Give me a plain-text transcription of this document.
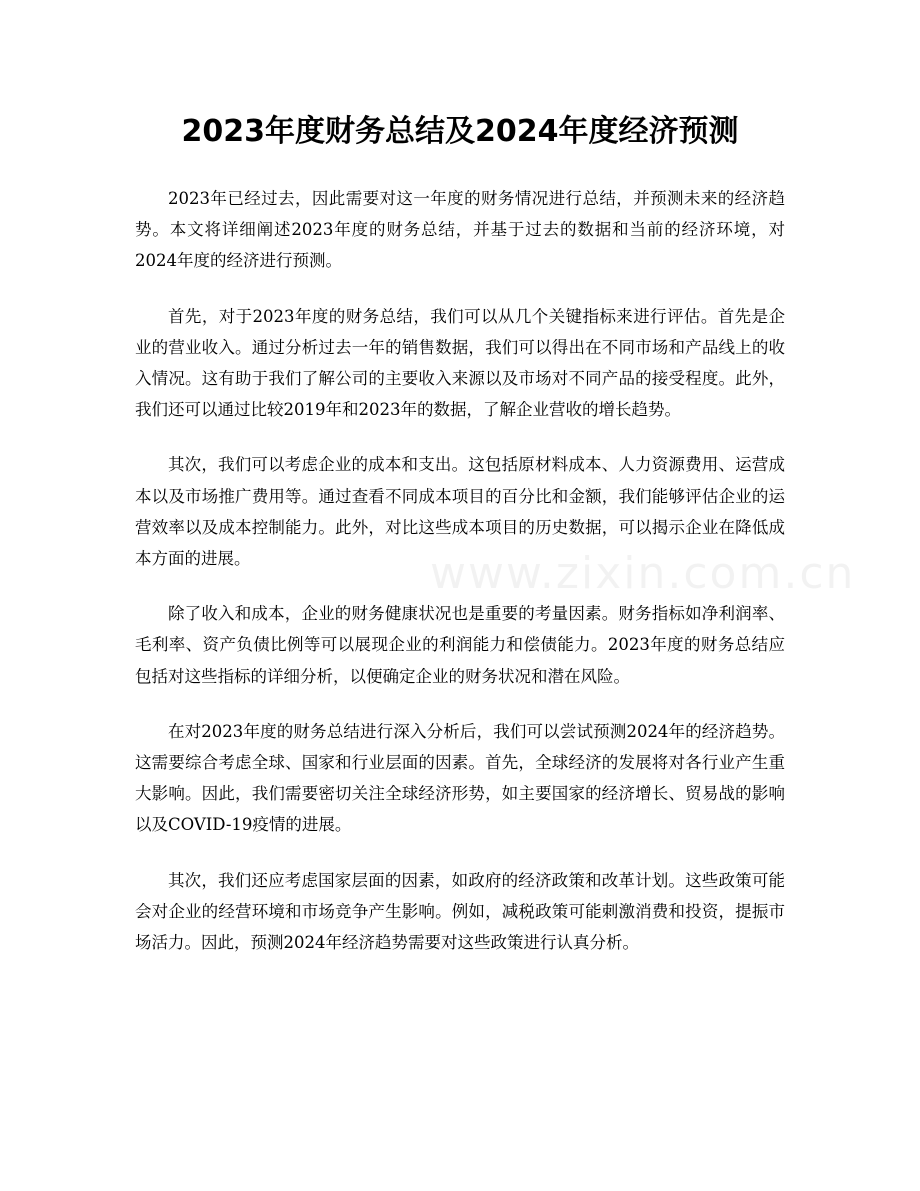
2023年度财务总结及2024年度经济预测

2023年已经过去，因此需要对这一年度的财务情况进行总结，并预测未来的经济趋势。本文将详细阐述2023年度的财务总结，并基于过去的数据和当前的经济环境，对2024年度的经济进行预测。

首先，对于2023年度的财务总结，我们可以从几个关键指标来进行评估。首先是企业的营业收入。通过分析过去一年的销售数据，我们可以得出在不同市场和产品线上的收入情况。这有助于我们了解公司的主要收入来源以及市场对不同产品的接受程度。此外，我们还可以通过比较2019年和2023年的数据，了解企业营收的增长趋势。

其次，我们可以考虑企业的成本和支出。这包括原材料成本、人力资源费用、运营成本以及市场推广费用等。通过查看不同成本项目的百分比和金额，我们能够评估企业的运营效率以及成本控制能力。此外，对比这些成本项目的历史数据，可以揭示企业在降低成本方面的进展。

除了收入和成本，企业的财务健康状况也是重要的考量因素。财务指标如净利润率、毛利率、资产负债比例等可以展现企业的利润能力和偿债能力。2023年度的财务总结应包括对这些指标的详细分析，以便确定企业的财务状况和潜在风险。

在对2023年度的财务总结进行深入分析后，我们可以尝试预测2024年的经济趋势。这需要综合考虑全球、国家和行业层面的因素。首先，全球经济的发展将对各行业产生重大影响。因此，我们需要密切关注全球经济形势，如主要国家的经济增长、贸易战的影响以及COVID-19疫情的进展。

其次，我们还应考虑国家层面的因素，如政府的经济政策和改革计划。这些政策可能会对企业的经营环境和市场竞争产生影响。例如，减税政策可能刺激消费和投资，提振市场活力。因此，预测2024年经济趋势需要对这些政策进行认真分析。

www.zixin.com.cn
